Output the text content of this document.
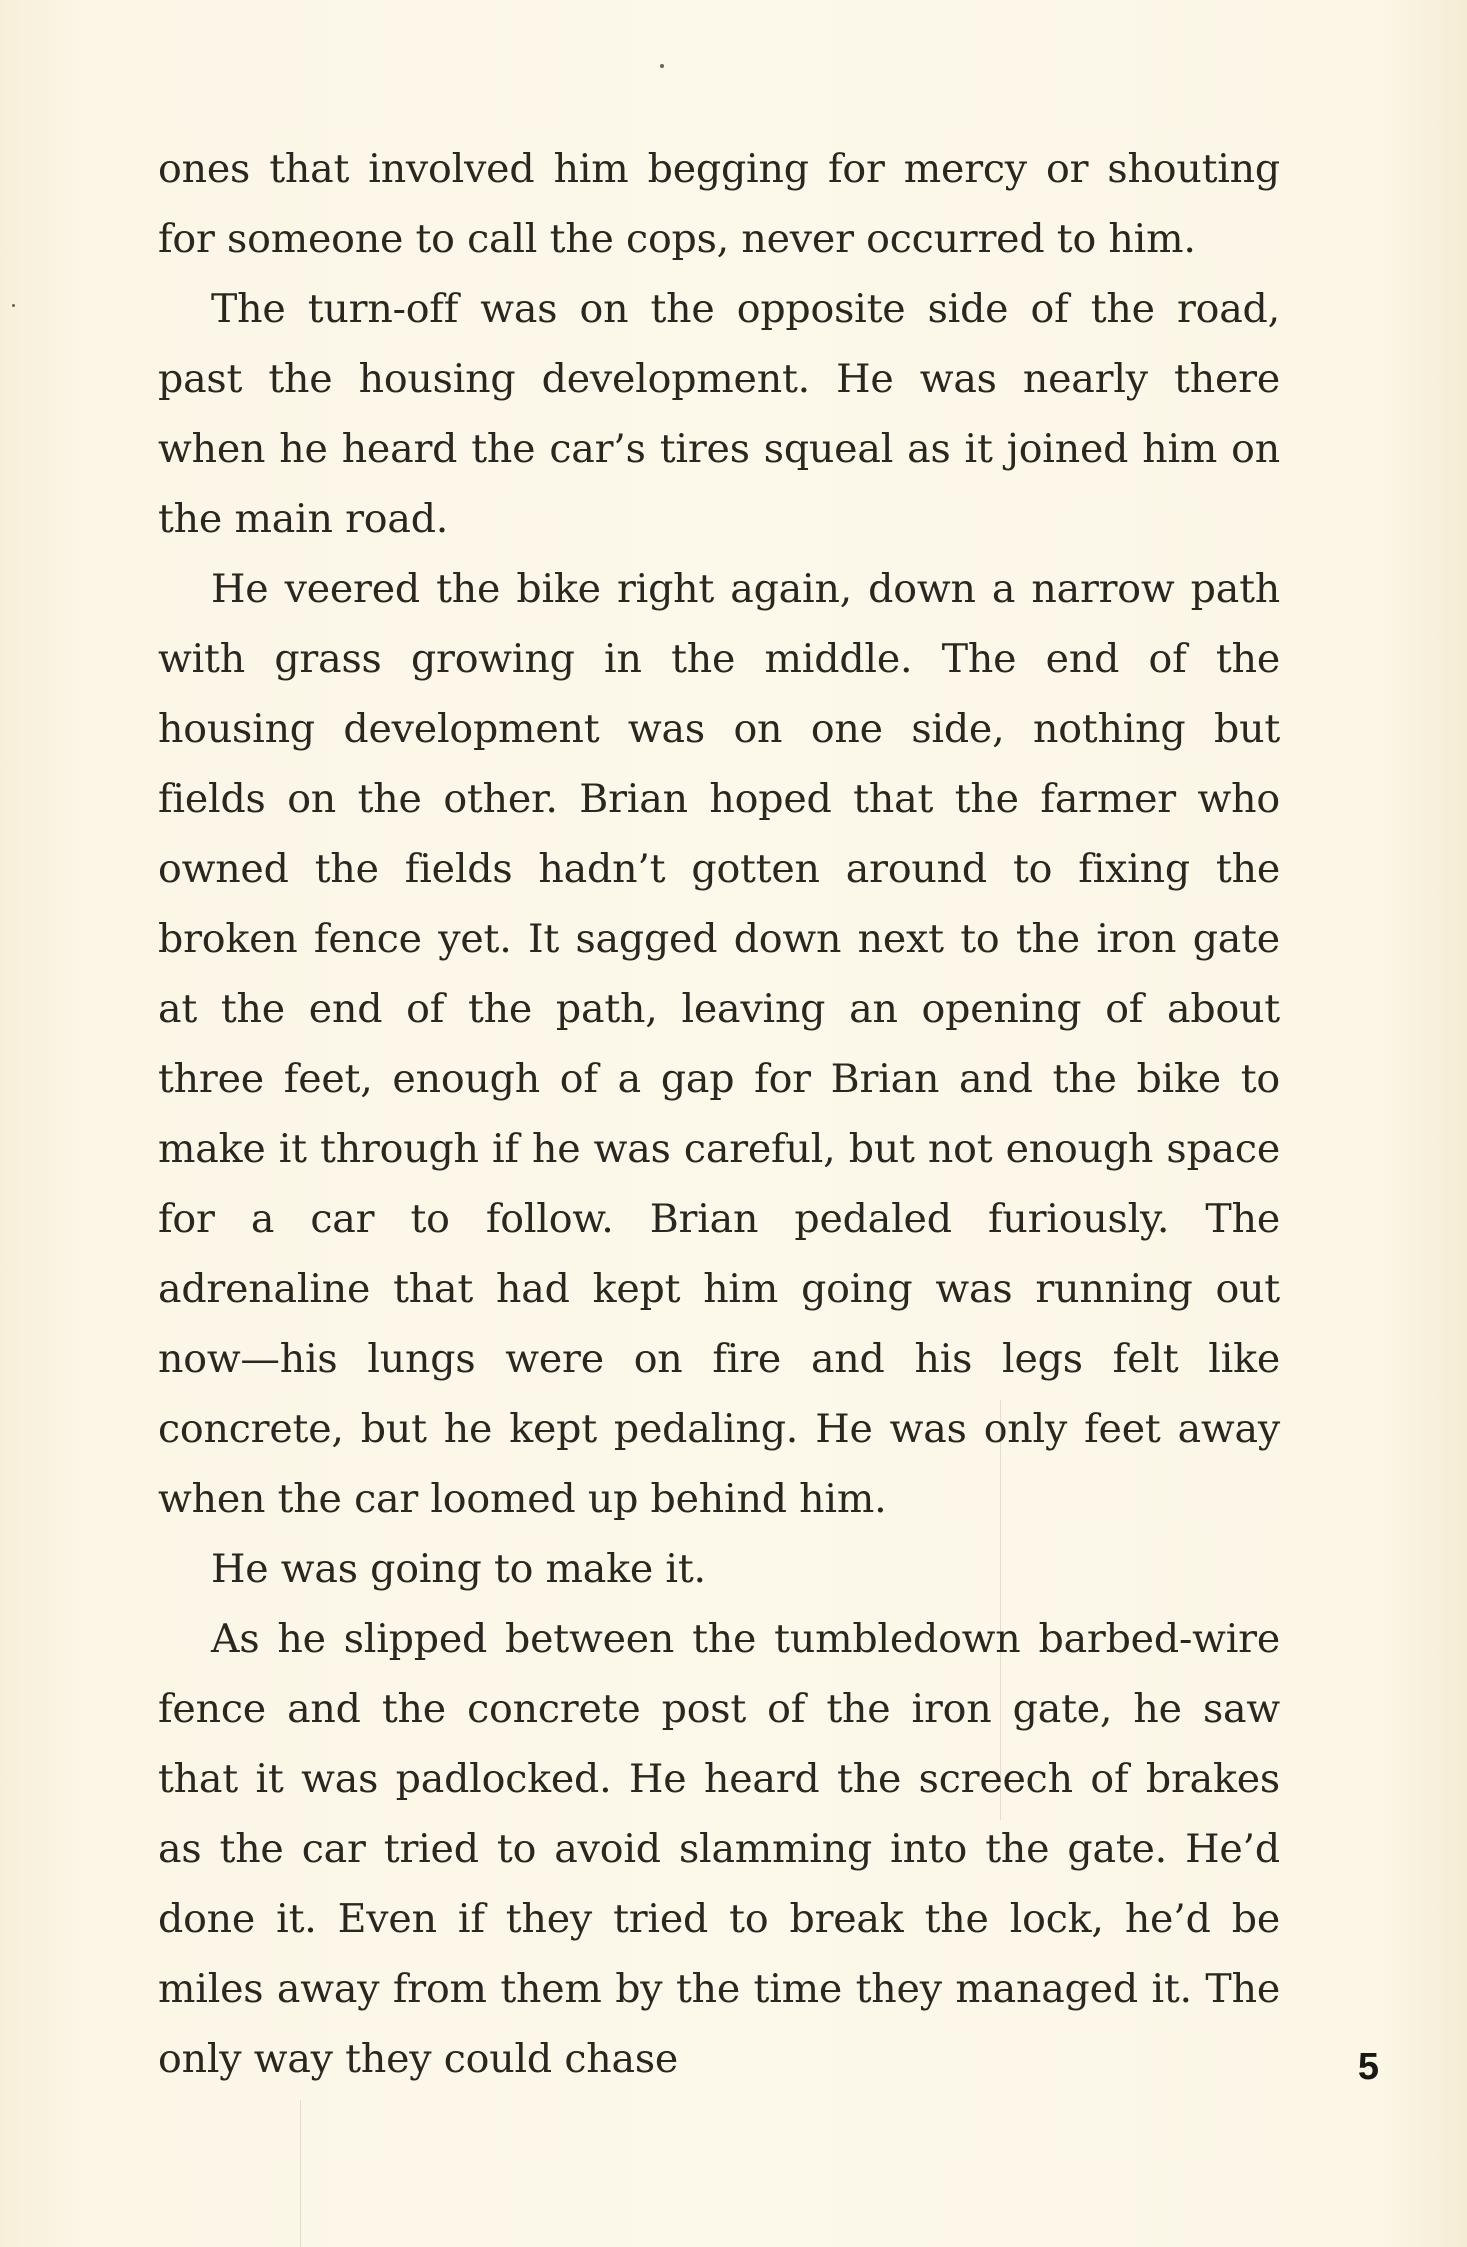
ones that involved him begging for mercy or shouting for someone to call the cops, never occurred to him.

The turn-off was on the opposite side of the road, past the housing development. He was nearly there when he heard the car’s tires squeal as it joined him on the main road.

He veered the bike right again, down a narrow path with grass growing in the middle. The end of the housing development was on one side, nothing but fields on the other. Brian hoped that the farmer who owned the fields hadn’t gotten around to fixing the broken fence yet. It sagged down next to the iron gate at the end of the path, leaving an opening of about three feet, enough of a gap for Brian and the bike to make it through if he was careful, but not enough space for a car to follow. Brian pedaled furiously. The adrenaline that had kept him going was running out now—his lungs were on fire and his legs felt like concrete, but he kept pedaling. He was only feet away when the car loomed up behind him.

He was going to make it.

As he slipped between the tumbledown barbed-wire fence and the concrete post of the iron gate, he saw that it was padlocked. He heard the screech of brakes as the car tried to avoid slamming into the gate. He’d done it. Even if they tried to break the lock, he’d be miles away from them by the time they managed it. The only way they could chase	5
